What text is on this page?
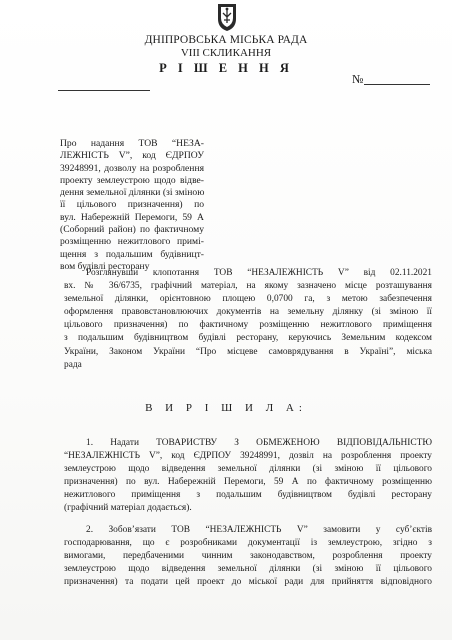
ДНІПРОВСЬКА МІСЬКА РАДА
VIII СКЛИКАННЯ
Р І Ш Е Н Н Я
№
Про надання ТОВ “НЕЗА-
ЛЕЖНІСТЬ V”, код ЄДРПОУ
39248991, дозволу на розроблення
проекту землеустрою щодо відве-
дення земельної ділянки (зі зміною
її цільового призначення) по
вул. Набережній Перемоги, 59 А
(Соборний район) по фактичному
розміщенню нежитлового примі-
щення з подальшим будівницт-
вом будівлі ресторану
Розглянувши клопотання ТОВ “НЕЗАЛЕЖНІСТЬ V” від 02.11.2021
вх. № 36/6735, графічний матеріал, на якому зазначено місце розташування
земельної ділянки, орієнтовною площею 0,0700 га, з метою забезпечення
оформлення правовстановлюючих документів на земельну ділянку (зі зміною її
цільового призначення) по фактичному розміщенню нежитлового приміщення
з подальшим будівництвом будівлі ресторану, керуючись Земельним кодексом
України, Законом України “Про місцеве самоврядування в Україні”, міська
рада
В И Р І Ш И Л А:
1. Надати ТОВАРИСТВУ З ОБМЕЖЕНОЮ ВІДПОВІДАЛЬНІСТЮ
“НЕЗАЛЕЖНІСТЬ V”, код ЄДРПОУ 39248991, дозвіл на розроблення проекту
землеустрою щодо відведення земельної ділянки (зі зміною її цільового
призначення) по вул. Набережній Перемоги, 59 А по фактичному розміщенню
нежитлового приміщення з подальшим будівництвом будівлі ресторану
(графічний матеріал додається).
2. Зобов’язати ТОВ “НЕЗАЛЕЖНІСТЬ V” замовити у суб’єктів
господарювання, що є розробниками документації із землеустрою, згідно з
вимогами, передбаченими чинним законодавством, розроблення проекту
землеустрою щодо відведення земельної ділянки (зі зміною її цільового
призначення) та подати цей проект до міської ради для прийняття відповідного
